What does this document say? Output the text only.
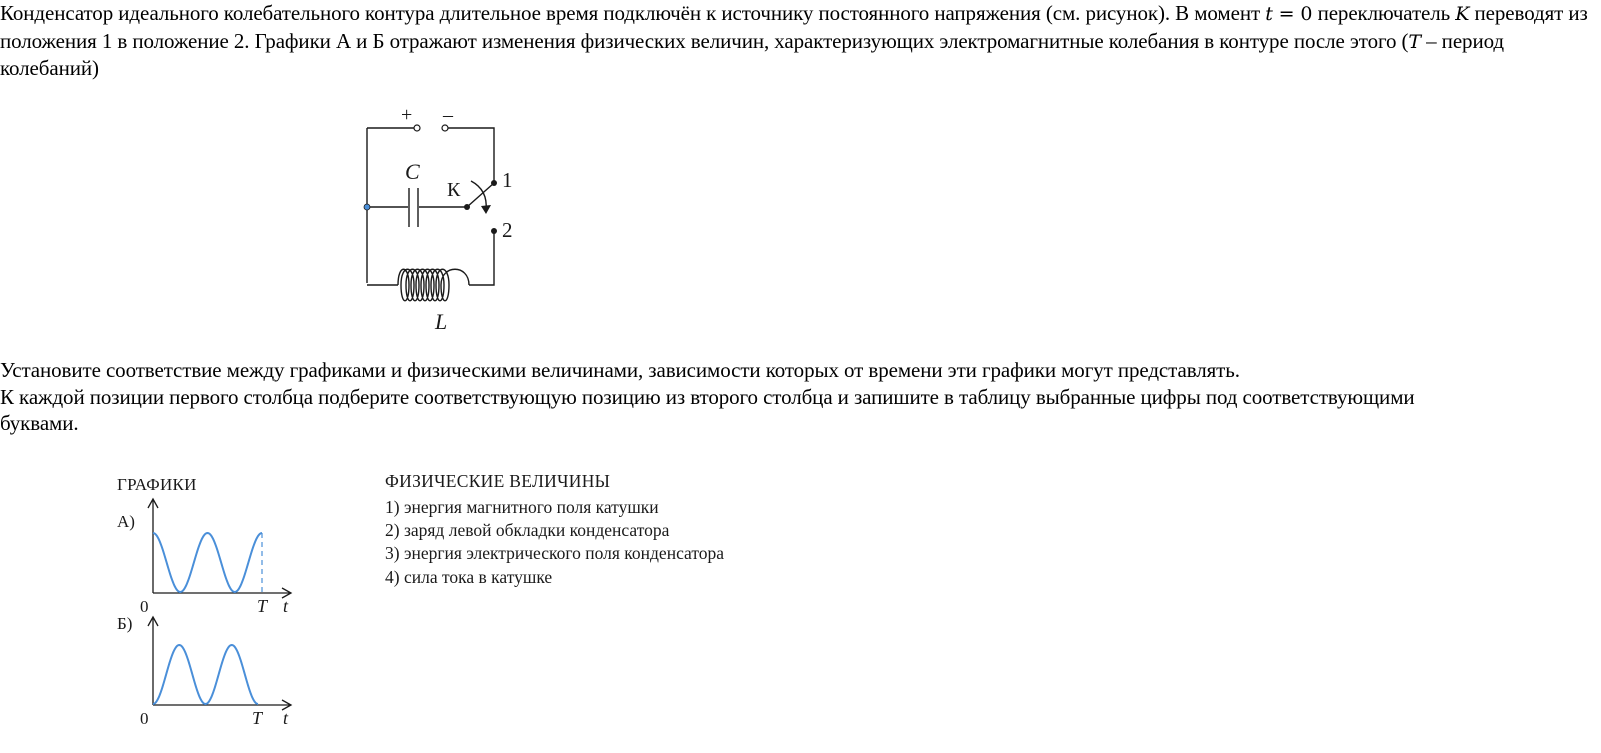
Конденсатор идеального колебательного контура длительное время подключён к источнику постоянного напряжения (см. рисунок). В момент t = 0 переключатель K переводят из положения 1 в положение 2. Графики А и Б отражают изменения физических величин, характеризующих электромагнитные колебания в контуре после этого (T – период колебаний)

+ –
C
К 1
2
L

Установите соответствие между графиками и физическими величинами, зависимости которых от времени эти графики могут представлять.
К каждой позиции первого столбца подберите соответствующую позицию из второго столбца и запишите в таблицу выбранные цифры под соответствующими буквами.

ГРАФИКИ
А)
0	T t
Б)
0	T t
ФИЗИЧЕСКИЕ ВЕЛИЧИНЫ
1) энергия магнитного поля катушки
2) заряд левой обкладки конденсатора
3) энергия электрического поля конденсатора
4) сила тока в катушке
